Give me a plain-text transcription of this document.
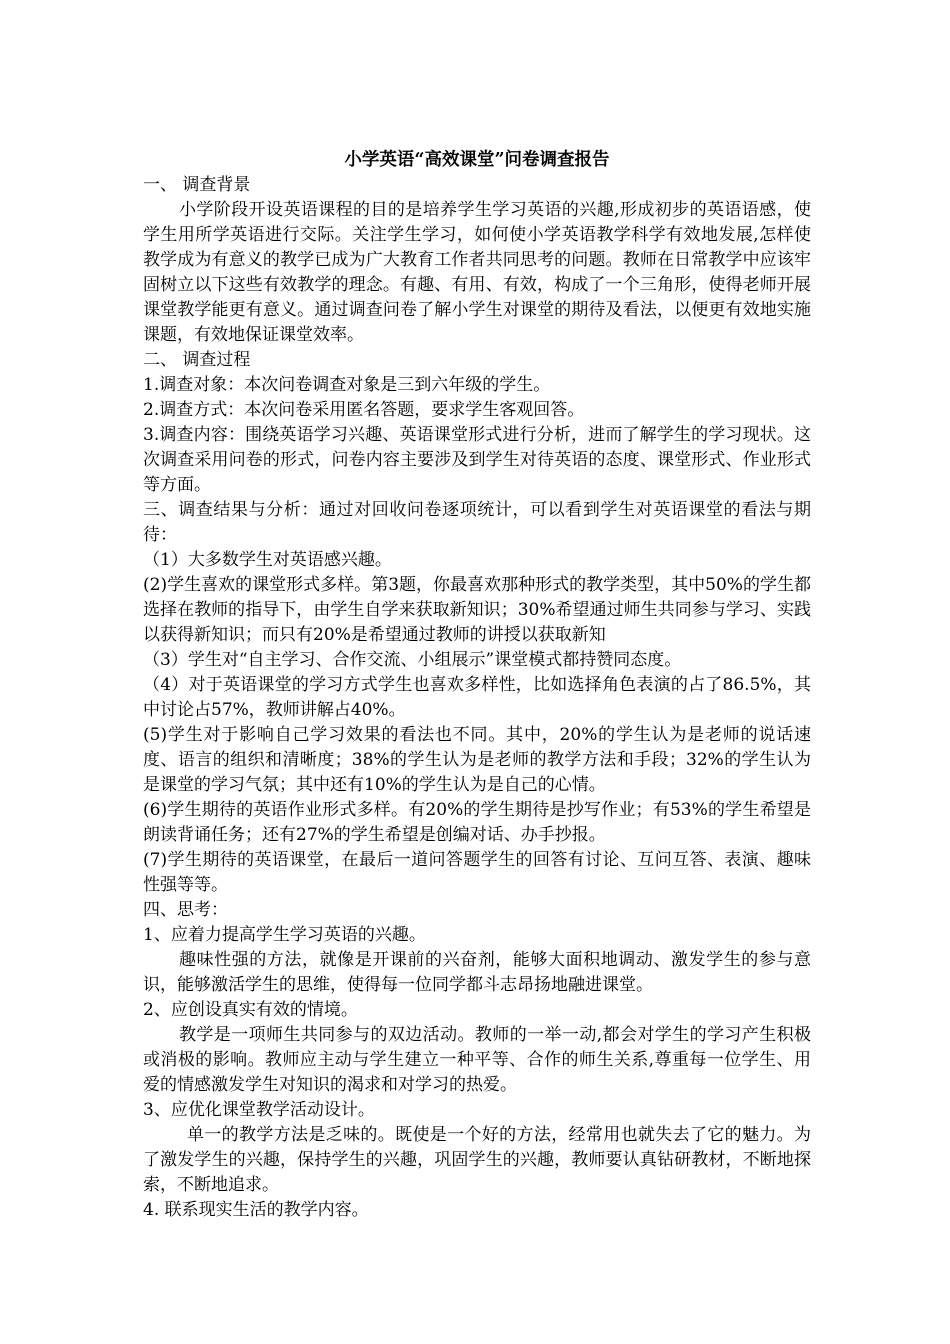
小学英语“高效课堂”问卷调查报告

一、 调查背景

小学阶段开设英语课程的目的是培养学生学习英语的兴趣,形成初步的英语语感，使学生用所学英语进行交际。关注学生学习，如何使小学英语教学科学有效地发展,怎样使教学成为有意义的教学已成为广大教育工作者共同思考的问题。教师在日常教学中应该牢固树立以下这些有效教学的理念。有趣、有用、有效，构成了一个三角形，使得老师开展课堂教学能更有意义。通过调查问卷了解小学生对课堂的期待及看法，以便更有效地实施课题，有效地保证课堂效率。

二、 调查过程

1.调查对象：本次问卷调查对象是三到六年级的学生。

2.调查方式：本次问卷采用匿名答题，要求学生客观回答。

3.调查内容：围绕英语学习兴趣、英语课堂形式进行分析，进而了解学生的学习现状。这次调查采用问卷的形式，问卷内容主要涉及到学生对待英语的态度、课堂形式、作业形式等方面。

三、调查结果与分析：通过对回收问卷逐项统计，可以看到学生对英语课堂的看法与期待：

（1）大多数学生对英语感兴趣。

(2)学生喜欢的课堂形式多样。第3题，你最喜欢那种形式的教学类型，其中50%的学生都选择在教师的指导下，由学生自学来获取新知识；30%希望通过师生共同参与学习、实践以获得新知识；而只有20%是希望通过教师的讲授以获取新知

（3）学生对“自主学习、合作交流、小组展示”课堂模式都持赞同态度。

（4）对于英语课堂的学习方式学生也喜欢多样性，比如选择角色表演的占了86.5%，其中讨论占57%，教师讲解占40%。

(5)学生对于影响自己学习效果的看法也不同。其中，20%的学生认为是老师的说话速度、语言的组织和清晰度；38%的学生认为是老师的教学方法和手段；32%的学生认为是课堂的学习气氛；其中还有10%的学生认为是自己的心情。

(6)学生期待的英语作业形式多样。有20%的学生期待是抄写作业；有53%的学生希望是朗读背诵任务；还有27%的学生希望是创编对话、办手抄报。

(7)学生期待的英语课堂，在最后一道问答题学生的回答有讨论、互问互答、表演、趣味性强等等。

四、思考：

1、应着力提高学生学习英语的兴趣。

趣味性强的方法，就像是开课前的兴奋剂，能够大面积地调动、激发学生的参与意识，能够激活学生的思维，使得每一位同学都斗志昂扬地融进课堂。

2、应创设真实有效的情境。

教学是一项师生共同参与的双边活动。教师的一举一动,都会对学生的学习产生积极或消极的影响。教师应主动与学生建立一种平等、合作的师生关系,尊重每一位学生、用爱的情感激发学生对知识的渴求和对学习的热爱。

3、应优化课堂教学活动设计。

单一的教学方法是乏味的。既使是一个好的方法，经常用也就失去了它的魅力。为了激发学生的兴趣，保持学生的兴趣，巩固学生的兴趣，教师要认真钻研教材，不断地探索，不断地追求。

4. 联系现实生活的教学内容。
